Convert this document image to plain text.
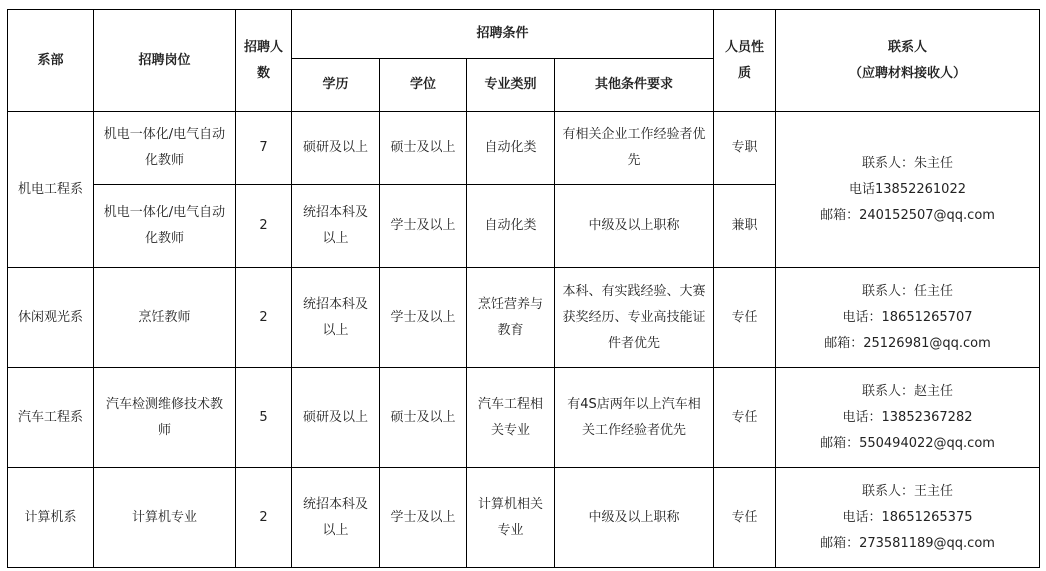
系部	招聘岗位	招聘人数	招聘条件				人员性质	联系人
（应聘材料接收人）

			学历	学位	专业类别	其他条件要求		
机电工程系	机电一体化/电气自动化教师	7	硕研及以上	硕士及以上	自动化类	有相关企业工作经验者优先	专职	联系人：朱主任
电话13852261022
邮箱：240152507@qq.com

	机电一体化/电气自动化教师	2	统招本科及以上	学士及以上	自动化类	中级及以上职称	兼职	
休闲观光系	烹饪教师	2	统招本科及以上	学士及以上	烹饪营养与教育	本科、有实践经验、大赛获奖经历、专业高技能证件者优先	专任	联系人：任主任
电话：18651265707
邮箱：25126981@qq.com

汽车工程系	汽车检测维修技术教师	5	硕研及以上	硕士及以上	汽车工程相关专业	有4S店两年以上汽车相关工作经验者优先	专任	联系人：赵主任
电话：13852367282
邮箱：550494022@qq.com

计算机系	计算机专业	2	统招本科及以上	学士及以上	计算机相关专业	中级及以上职称	专任	联系人：王主任
电话：18651265375
邮箱：273581189@qq.com
